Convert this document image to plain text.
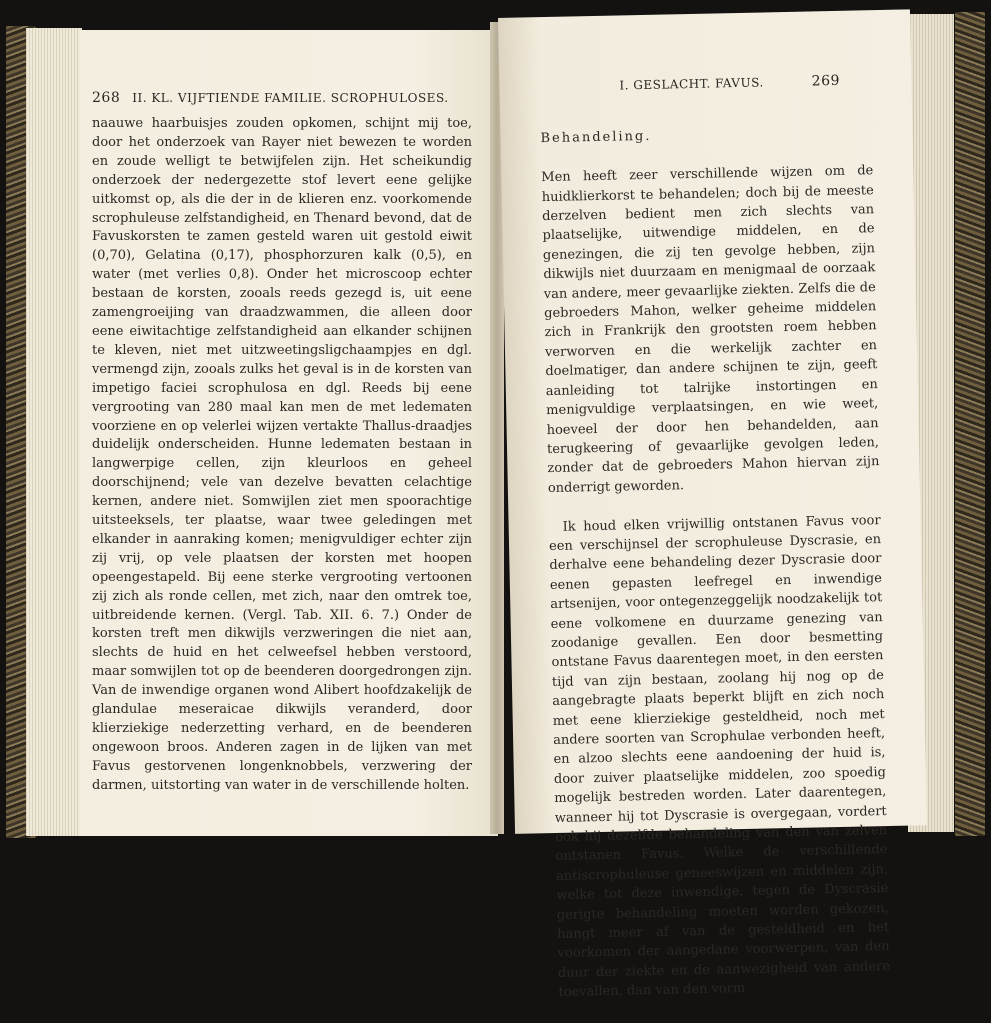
268 II. KL. VIJFTIENDE FAMILIE. SCROPHULOSES.
naauwe haarbuisjes zouden opkomen, schijnt mij toe, door het onderzoek van Rayer niet bewezen te worden en zoude welligt te betwijfelen zijn. Het scheikundig onderzoek der nedergezette stof levert eene gelijke uitkomst op, als die der in de klieren enz. voorkomende scrophuleuse zelfstandigheid, en Thenard bevond, dat de Favuskorsten te zamen gesteld waren uit gestold eiwit (0,70), Gelatina (0,17), phosphorzuren kalk (0,5), en water (met verlies 0,8). Onder het microscoop echter bestaan de korsten, zooals reeds gezegd is, uit eene zamengroeijing van draadzwammen, die alleen door eene eiwitachtige zelfstandigheid aan elkander schijnen te kleven, niet met uitzweetingsligchaampjes en dgl. vermengd zijn, zooals zulks het geval is in de korsten van impetigo faciei scrophulosa en dgl. Reeds bij eene vergrooting van 280 maal kan men de met ledematen voorziene en op velerlei wijzen vertakte Thallus-draadjes duidelijk onderscheiden. Hunne ledematen bestaan in langwerpige cellen, zijn kleurloos en geheel doorschijnend; vele van dezelve bevatten celachtige kernen, andere niet. Somwijlen ziet men spoorachtige uitsteeksels, ter plaatse, waar twee geledingen met elkander in aanraking komen; menigvuldiger echter zijn zij vrij, op vele plaatsen der korsten met hoopen opeengestapeld. Bij eene sterke vergrooting vertoonen zij zich als ronde cellen, met zich, naar den omtrek toe, uitbreidende kernen. (Vergl. Tab. XII. 6. 7.) Onder de korsten treft men dikwijls verzweringen die niet aan, slechts de huid en het celweefsel hebben verstoord, maar somwijlen tot op de beenderen doorgedrongen zijn. Van de inwendige organen wond Alibert hoofdzakelijk de glandulae meseraicae dikwijls veranderd, door klierziekige nederzetting verhard, en de beenderen ongewoon broos. Anderen zagen in de lijken van met Favus gestorvenen longenknobbels, verzwering der darmen, uitstorting van water in de verschillende holten.
I. GESLACHT. FAVUS.	269

Behandeling.

Men heeft zeer verschillende wijzen om de huidklierkorst te behandelen; doch bij de meeste derzelven bedient men zich slechts van plaatselijke, uitwendige middelen, en de genezingen, die zij ten gevolge hebben, zijn dikwijls niet duurzaam en menigmaal de oorzaak van andere, meer gevaarlijke ziekten. Zelfs die de gebroeders Mahon, welker geheime middelen zich in Frankrijk den grootsten roem hebben verworven en die werkelijk zachter en doelmatiger, dan andere schijnen te zijn, geeft aanleiding tot talrijke instortingen en menigvuldige verplaatsingen, en wie weet, hoeveel der door hen behandelden, aan terugkeering of gevaarlijke gevolgen leden, zonder dat de gebroeders Mahon hiervan zijn onderrigt geworden.

Ik houd elken vrijwillig ontstanen Favus voor een verschijnsel der scrophuleuse Dyscrasie, en derhalve eene behandeling dezer Dyscrasie door eenen gepasten leefregel en inwendige artsenijen, voor ontegenzeggelijk noodzakelijk tot eene volkomene en duurzame genezing van zoodanige gevallen. Een door besmetting ontstane Favus daarentegen moet, in den eersten tijd van zijn bestaan, zoolang hij nog op de aangebragte plaats beperkt blijft en zich noch met eene klierziekige gesteldheid, noch met andere soorten van Scrophulae verbonden heeft, en alzoo slechts eene aandoening der huid is, door zuiver plaatselijke middelen, zoo spoedig mogelijk bestreden worden. Later daarentegen, wanneer hij tot Dyscrasie is overgegaan, vordert ook hij dezelfde behandeling van den van zelven ontstanen Favus. Welke de verschillende antiscrophuleuse geneeswijzen en middelen zijn, welke tot deze inwendige, tegen de Dyscrasie gerigte behandeling moeten worden gekozen, hangt meer af van de gesteldheid en het voorkomen der aangedane voorwerpen, van den duur der ziekte en de aanwezigheid van andere toevallen, dan van den vorm
